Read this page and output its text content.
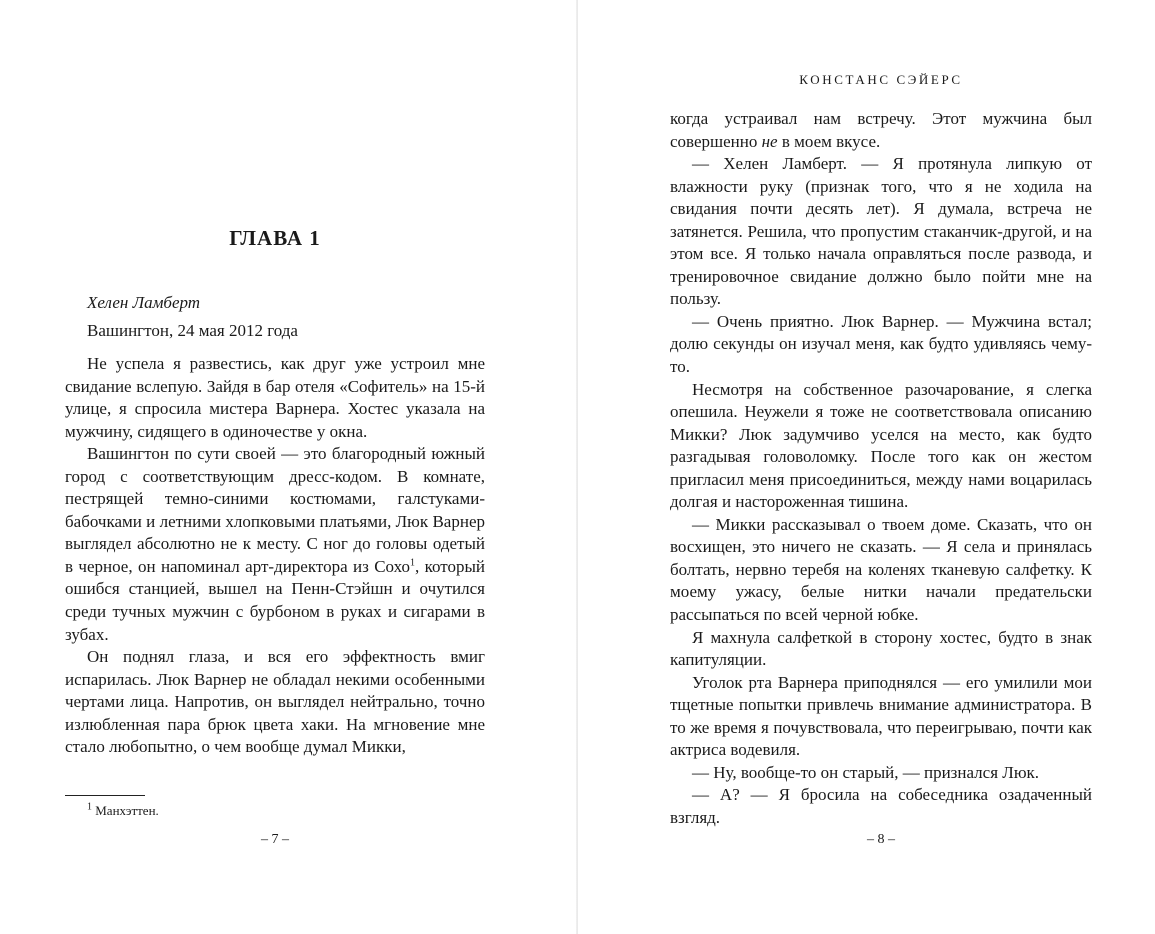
ГЛАВА 1

Хелен Ламберт

Вашингтон, 24 мая 2012 года

Не успела я развестись, как друг уже устроил мне свидание вслепую. Зайдя в бар отеля «Софитель» на 15-й улице, я спросила мистера Варнера. Хостес указала на мужчину, сидящего в одиночестве у окна.

Вашингтон по сути своей — это благородный южный город с соответствующим дресс-кодом. В комнате, пестрящей темно-синими костюмами, галстуками-бабочками и летними хлопковыми платьями, Люк Варнер выглядел абсолютно не к месту. С ног до головы одетый в черное, он напоминал арт-директора из Сохо$^1$, который ошибся станцией, вышел на Пенн-Стэйшн и очутился среди тучных мужчин с бурбоном в руках и сигарами в зубах.

Он поднял глаза, и вся его эффектность вмиг испарилась. Люк Варнер не обладал некими особенными чертами лица. Напротив, он выглядел нейтрально, точно излюбленная пара брюк цвета хаки. На мгновение мне стало любопытно, о чем вообще думал Микки,

$^1$ Манхэттен.
– 7 –
КОНСТАНС СЭЙЕРС

когда устраивал нам встречу. Этот мужчина был совершенно не в моем вкусе.

— Хелен Ламберт. — Я протянула липкую от влажности руку (признак того, что я не ходила на свидания почти десять лет). Я думала, встреча не затянется. Решила, что пропустим стаканчик-другой, и на этом все. Я только начала оправляться после развода, и тренировочное свидание должно было пойти мне на пользу.

— Очень приятно. Люк Варнер. — Мужчина встал; долю секунды он изучал меня, как будто удивляясь чему-то.

Несмотря на собственное разочарование, я слегка опешила. Неужели я тоже не соответствовала описанию Микки? Люк задумчиво уселся на место, как будто разгадывая головоломку. После того как он жестом пригласил меня присоединиться, между нами воцарилась долгая и настороженная тишина.

— Микки рассказывал о твоем доме. Сказать, что он восхищен, это ничего не сказать. — Я села и принялась болтать, нервно теребя на коленях тканевую салфетку. К моему ужасу, белые нитки начали предательски рассыпаться по всей черной юбке.

Я махнула салфеткой в сторону хостес, будто в знак капитуляции.

Уголок рта Варнера приподнялся — его умилили мои тщетные попытки привлечь внимание администратора. В то же время я почувствовала, что переигрываю, почти как актриса водевиля.

— Ну, вообще-то он старый, — признался Люк.

— А? — Я бросила на собеседника озадаченный взгляд.

– 8 –
